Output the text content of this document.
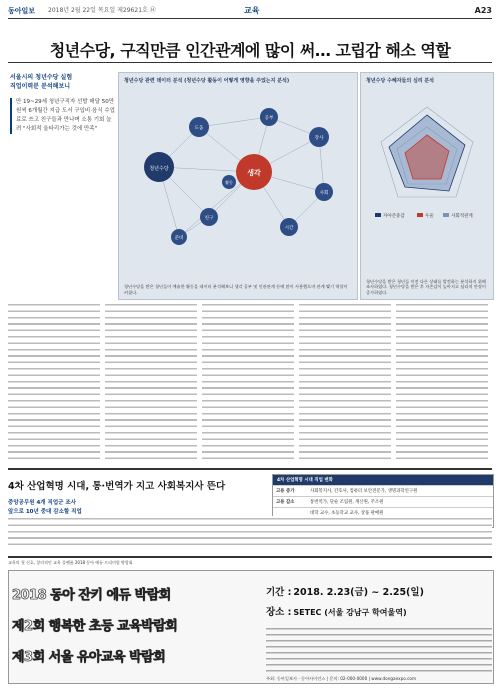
동아일보 2018년 2월 22일 목요일 제29621호 ㉥	교육	A23
청년수당, 구직만큼 인간관계에 많이 써… 고립감 해소 역할
서울시의 청년수당 실험
직업이력분 분석해보니
만 19~29세 청년구직자 선발 매달 50만 원씩 6개월간 지급 도서 구입비·음식 수업료로 쓰고 친구들과 만나며 소통 기회 늘려 "사회적 울타리가는 것에 만족"
청년수당 관련 데이터 분석 (청년수당 활동이 어떻게 영향을 주었는지 분석)
생각
청년수당
도움
공부
강사
사회
시간
친구
준비
활동
청년수당을 받은 청년들이 예술한 활동을 데이터 분석해보니 생각 공부 및 인관관계 등에 많이 사용했으며 관계 맺기 역할이 커졌다.
청년수당 수혜자들의 심리 분석
자아존중감	우울	사회적관계
청년수당을 받은 청년들 이전 다른 상태를 발견하는 분석하지 위해 조사하였다. 청년수당을 받은 후 자존감이 높아지고 심리적 안정이 증가하였다.
4차 산업혁명 시대, 통·번역가 지고 사회복지사 뜬다
중앙공무원 4개 직업군 조사
앞으로 10년 중대 감소할 직업
4차 산업혁명 시대 직업 변화
고용 증가	사회복지사, 간호사, 컴퓨터 보안전문가, 생명과학연구원
고용 감소	통번역가, 단순 조립원, 계산원, 주조원
대학 교수, 초등학교 교사, 상품 판매원
교육의 첫 신호, 창의적인 교육 플랫폼 2018 동아 에듀 프리미엄 박람회
2018 동아 잔키 에듀 박람회
제2회 행복한 초등 교육박람회
제3회 서울 유아교육 박람회
기간 : 2018. 2.23(금) ~ 2.25(일)
장소 : SETEC (서울 강남구 학여울역)
주최: 동아일보사 · 동아사이언스 | 문의: 02-000-0000 | www.dongaexpo.com
